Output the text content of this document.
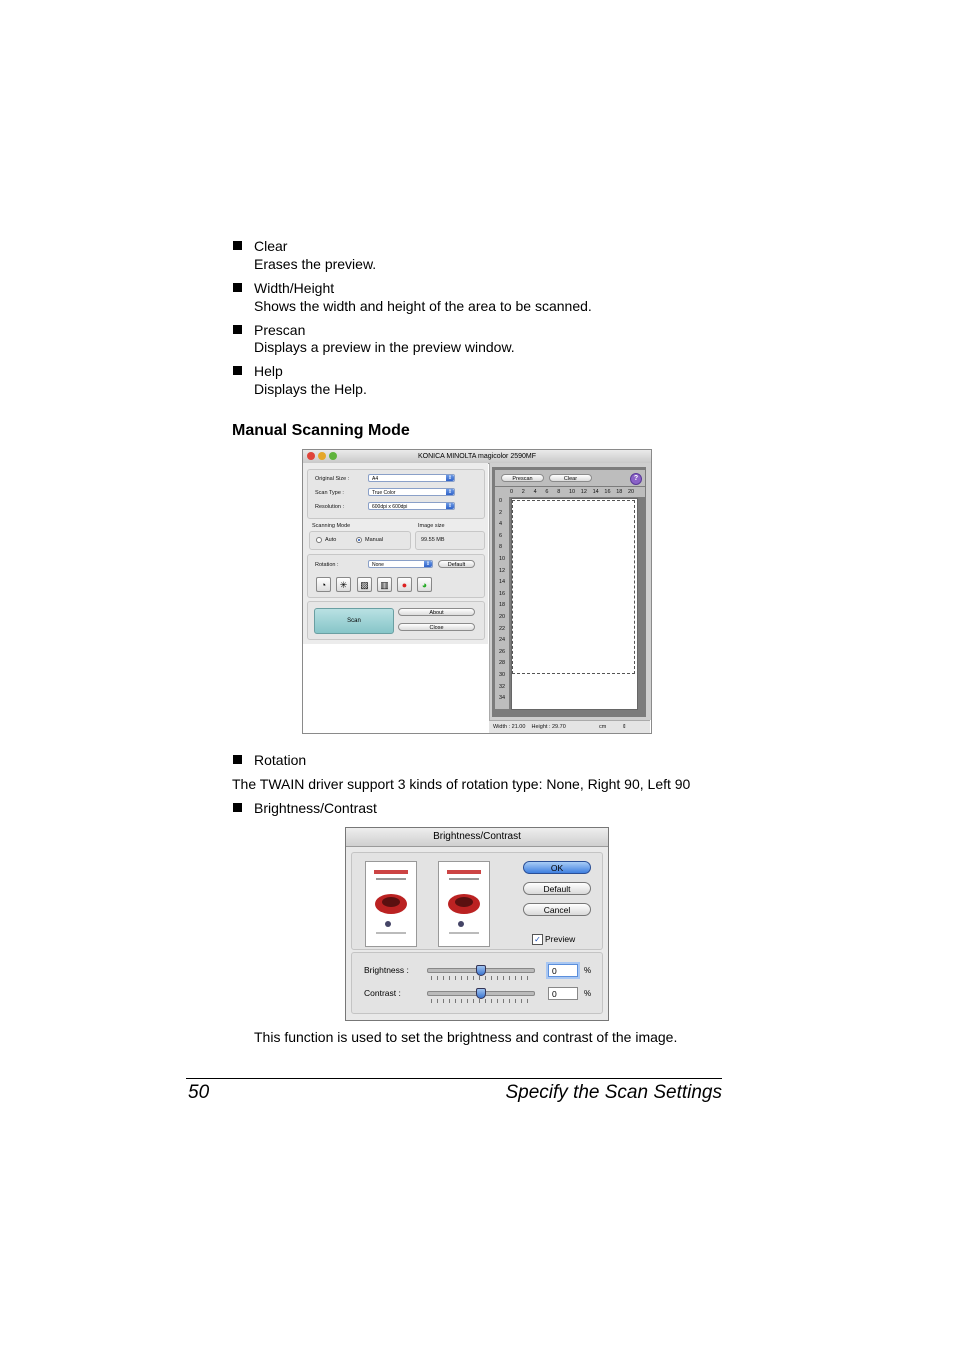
Clear
Erases the preview.
Width/Height
Shows the width and height of the area to be scanned.
Prescan
Displays a preview in the preview window.
Help
Displays the Help.
Manual Scanning Mode
KONICA MINOLTA magicolor 2590MF
Original Size :	A4	⇕
Scan Type :	True Color	⇕
Resolution :	600dpi x 600dpi	⇕
Scanning Mode
Auto	Manual
Image size
99.55 MB
Rotation :	None	⇕	Default
◔	✳	▨	▥	●	◕
Scan
About
Close
Prescan	Clear	?
0 2 4 6 8 10 12 14 16 18 20
0
2
4
6
8
10
12
14
16
18
20
22
24
26
28
30
32
34
Width : 21.00    Height : 29.70	cm	⇕
Rotation
The TWAIN driver support 3 kinds of rotation type: None, Right 90, Left 90
Brightness/Contrast
Brightness/Contrast
OK
Default
Cancel
✓ Preview
Brightness :	0	%
Contrast :	0	%
This function is used to set the brightness and contrast of the image.
50	Specify the Scan Settings
